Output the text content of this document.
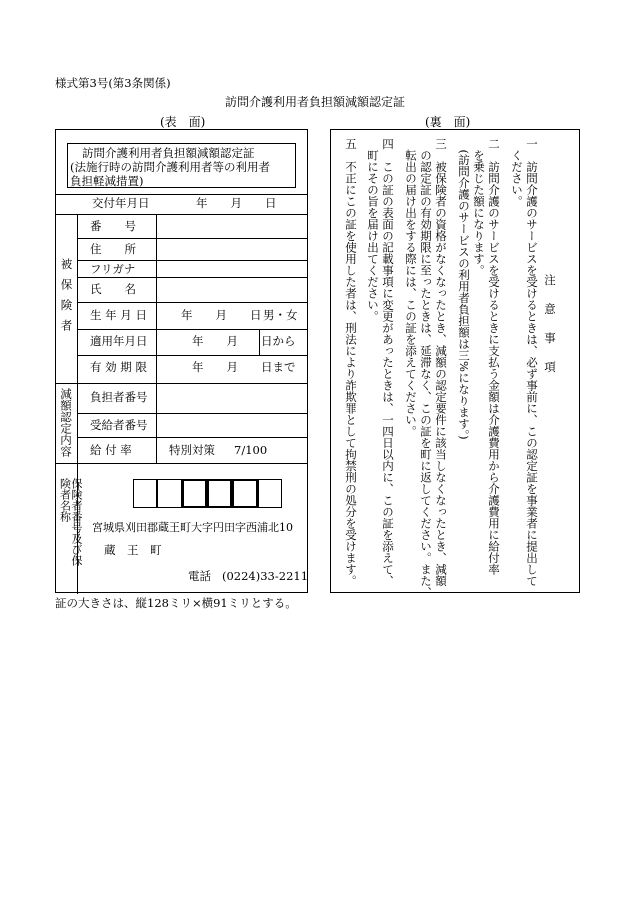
様式第3号(第3条関係)
訪問介護利用者負担額減額認定証
(表　面)	(裏　面)
訪問介護利用者負担額減額認定証
(法施行時の訪問介護利用者等の利用者
負担軽減措置)
交付年月日	年　　月　　日
被保険者
番　　号
住　　所
フリガナ
氏　　名
生 年 月 日	年　　月　　日 男・女
適用年月日	年　　月　　日から
有 効 期 限	年　　月　　日まで
減額認定内容 負担者番号
受給者番号
給 付 率	特別対策 7/100
保険者番号及び保険者名称
宮城県刈田郡蔵王町大字円田字西浦北10
蔵　王　町
電話 (0224)33-2211
注　意　事　項
一　訪問介護のサービスを受けるときは、必ず事前に、この認定証を事業者に提出して
　ください。
二　訪問介護のサービスを受けるときに支払う金額は介護費用から介護費用に給付率
　を乗じた額になります。
　(訪問介護のサービスの利用者負担額は三%になります。)
三　被保険者の資格がなくなったとき、減額の認定要件に該当しなくなったとき、減額
　の認定証の有効期限に至ったときは、延滞なく、この証を町に返してください。また、
　転出の届け出をする際には、この証を添えてください。
四　この証の表面の記載事項に変更があったときは、一四日以内に、この証を添えて、
　町にその旨を届け出てください。
五　不正にこの証を使用した者は、刑法により詐欺罪として拘禁刑の処分を受けます。
証の大きさは、縦128ミリ×横91ミリとする。
